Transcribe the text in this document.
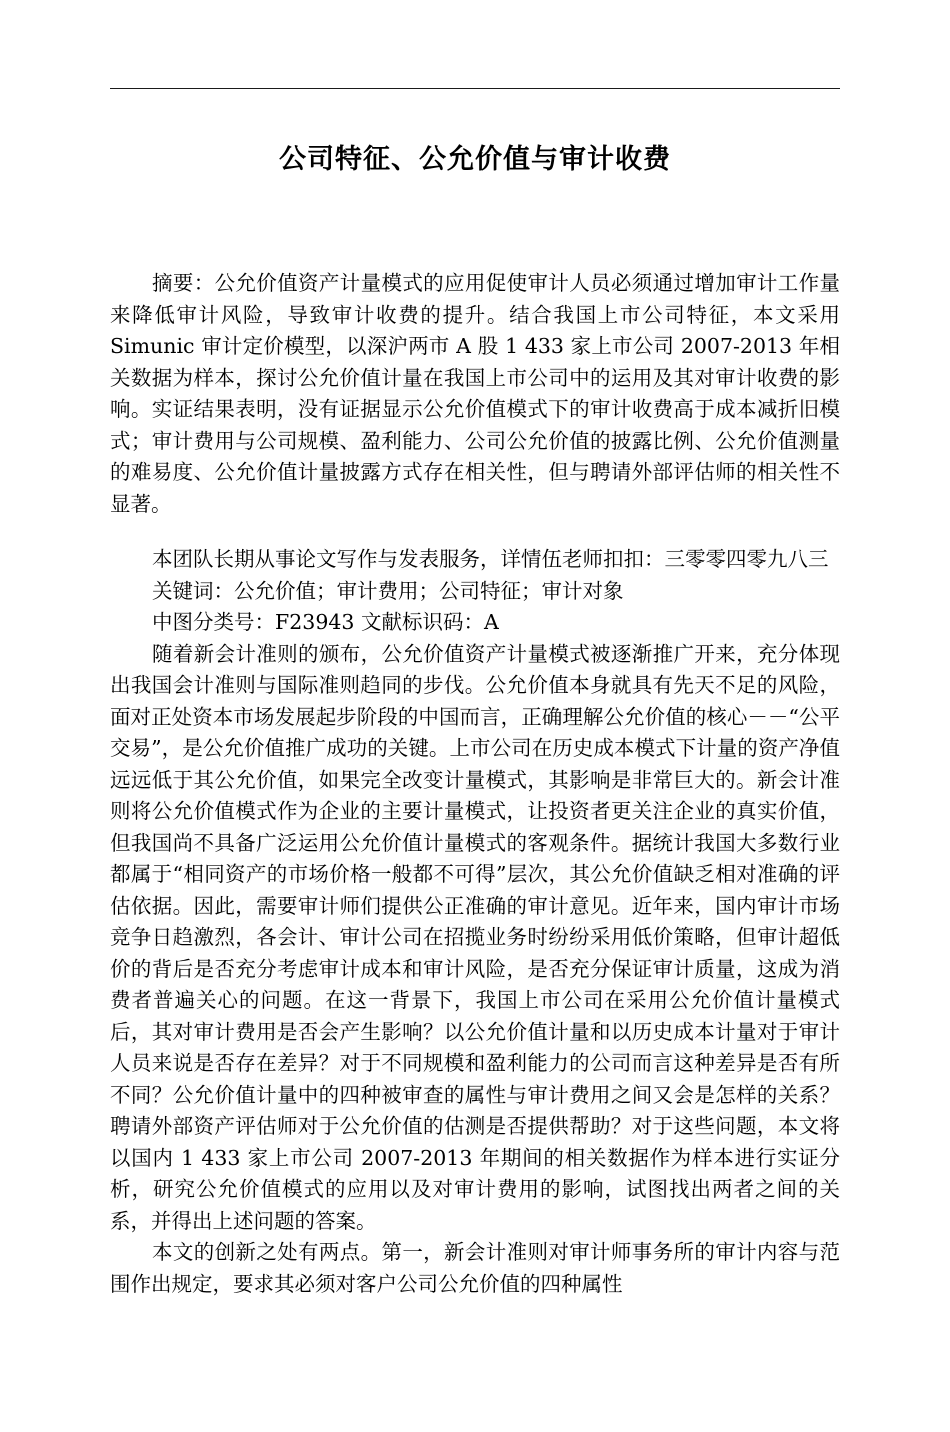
公司特征、公允价值与审计收费

摘要：公允价值资产计量模式的应用促使审计人员必须通过增加审计工作量来降低审计风险，导致审计收费的提升。结合我国上市公司特征，本文采用 Simunic 审计定价模型，以深沪两市 A 股 1 433 家上市公司 2007-2013 年相关数据为样本，探讨公允价值计量在我国上市公司中的运用及其对审计收费的影响。实证结果表明，没有证据显示公允价值模式下的审计收费高于成本减折旧模式；审计费用与公司规模、盈利能力、公司公允价值的披露比例、公允价值测量的难易度、公允价值计量披露方式存在相关性，但与聘请外部评估师的相关性不显著。

本团队长期从事论文写作与发表服务，详情伍老师扣扣：三零零四零九八三

关键词：公允价值；审计费用；公司特征；审计对象

中图分类号：F23943 文献标识码：A

随着新会计准则的颁布，公允价值资产计量模式被逐渐推广开来，充分体现出我国会计准则与国际准则趋同的步伐。公允价值本身就具有先天不足的风险，面对正处资本市场发展起步阶段的中国而言，正确理解公允价值的核心－－“公平交易”，是公允价值推广成功的关键。上市公司在历史成本模式下计量的资产净值远远低于其公允价值，如果完全改变计量模式，其影响是非常巨大的。新会计准则将公允价值模式作为企业的主要计量模式，让投资者更关注企业的真实价值，但我国尚不具备广泛运用公允价值计量模式的客观条件。据统计我国大多数行业都属于“相同资产的市场价格一般都不可得”层次，其公允价值缺乏相对准确的评估依据。因此，需要审计师们提供公正准确的审计意见。近年来，国内审计市场竞争日趋激烈，各会计、审计公司在招揽业务时纷纷采用低价策略，但审计超低价的背后是否充分考虑审计成本和审计风险，是否充分保证审计质量，这成为消费者普遍关心的问题。在这一背景下，我国上市公司在采用公允价值计量模式后，其对审计费用是否会产生影响？以公允价值计量和以历史成本计量对于审计人员来说是否存在差异？对于不同规模和盈利能力的公司而言这种差异是否有所不同？公允价值计量中的四种被审查的属性与审计费用之间又会是怎样的关系？聘请外部资产评估师对于公允价值的估测是否提供帮助？对于这些问题，本文将以国内 1 433 家上市公司 2007-2013 年期间的相关数据作为样本进行实证分析，研究公允价值模式的应用以及对审计费用的影响，试图找出两者之间的关系，并得出上述问题的答案。

本文的创新之处有两点。第一，新会计准则对审计师事务所的审计内容与范围作出规定，要求其必须对客户公司公允价值的四种属性
